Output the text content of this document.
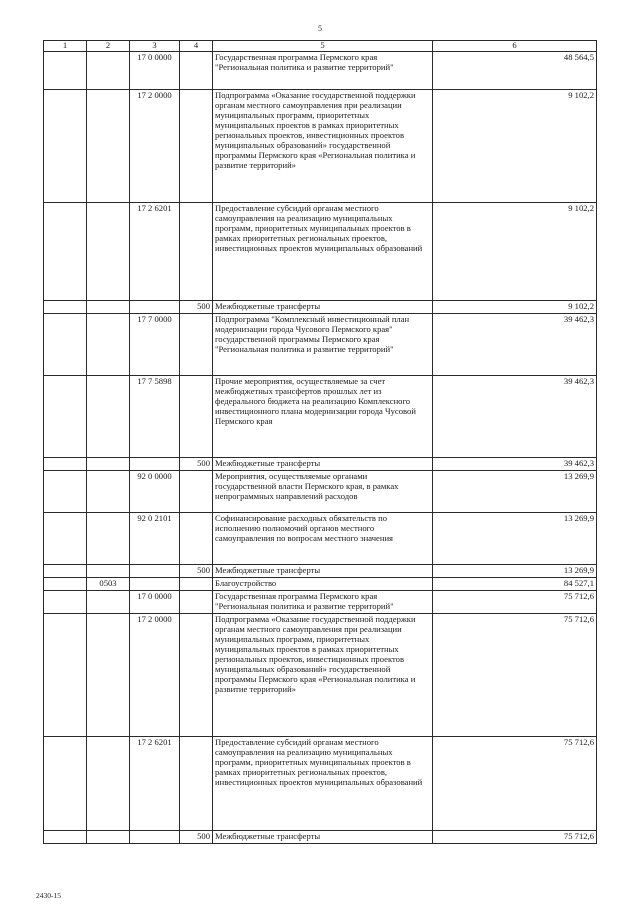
5
1	2	3	4	5	6
		17 0 0000		Государственная программа Пермского края "Региональная политика и развитие территорий"	48 564,5
		17 2 0000		Подпрограмма «Оказание государственной поддержки органам местного самоуправления при реализации муниципальных программ, приоритетных муниципальных проектов в рамках приоритетных региональных проектов, инвестиционных проектов муниципальных образований» государственной программы Пермского края «Региональная политика и развитие территорий»	9 102,2
		17 2 6201		Предоставление субсидий органам местного самоуправления на реализацию муниципальных программ, приоритетных муниципальных проектов в рамках приоритетных региональных проектов, инвестиционных проектов муниципальных образований	9 102,2
			500	Межбюджетные трансферты	9 102,2
		17 7 0000		Подпрограмма "Комплексный инвестиционный план модернизации города Чусового Пермского края" государственной программы Пермского края "Региональная политика и развитие территорий"	39 462,3
		17 7 5898		Прочие мероприятия, осуществляемые за счет межбюджетных трансфертов прошлых лет из федерального бюджета на реализацию Комплексного инвестиционного плана модернизации города Чусовой Пермского края	39 462,3
			500	Межбюджетные трансферты	39 462,3
		92 0 0000		Мероприятия, осуществляемые органами государственной власти Пермского края, в рамках непрограммных направлений расходов	13 269,9
		92 0 2101		Софинансирование расходных обязательств по исполнению полномочий органов местного самоуправления по вопросам местного значения	13 269,9
			500	Межбюджетные трансферты	13 269,9
	0503			Благоустройство	84 527,1
		17 0 0000		Государственная программа Пермского края "Региональная политика и развитие территорий"	75 712,6
		17 2 0000		Подпрограмма «Оказание государственной поддержки органам местного самоуправления при реализации муниципальных программ, приоритетных муниципальных проектов в рамках приоритетных региональных проектов, инвестиционных проектов муниципальных образований» государственной программы Пермского края «Региональная политика и развитие территорий»	75 712,6
		17 2 6201		Предоставление субсидий органам местного самоуправления на реализацию муниципальных программ, приоритетных муниципальных проектов в рамках приоритетных региональных проектов, инвестиционных проектов муниципальных образований	75 712,6
			500	Межбюджетные трансферты	75 712,6
2430-15
